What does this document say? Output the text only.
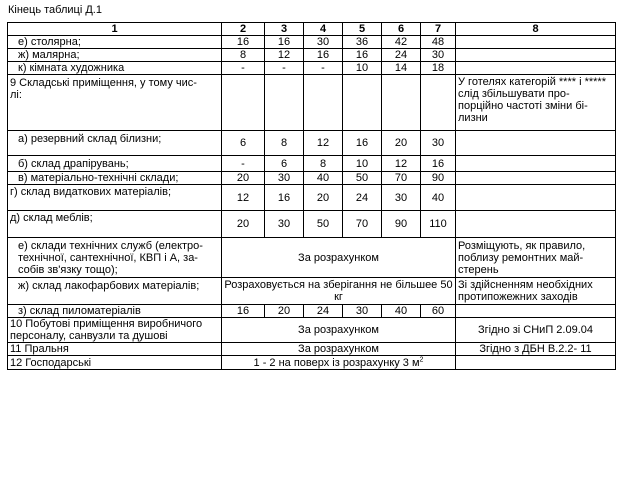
Кінець таблиці Д.1
1	2	3	4	5	6	7	8
е) столярна;	16	16	30	36	42	48	
ж) малярна;	8	12	16	16	24	30	
к) кімната художника	-	-	-	10	14	18	
9 Складські приміщення, у тому чис-
лі:							У готелях категорій **** і ***** слід збільшувати про-порційно частоті зміни бі-лизни
а) резервний склад білизни;	6	8	12	16	20	30	
б) склад драпірувань;	-	6	8	10	12	16	
в) матеріально-технічні склади;	20	30	40	50	70	90	
г) склад видаткових матеріалів;	12	16	20	24	30	40	
д) склад меблів;	20	30	50	70	90	110	
е) склади технічних служб (електро-технічної, сантехнічної, КВП і А, за-собів зв'язку тощо);	За розрахунком						Розміщують, як правило, поблизу ремонтних май-стерень
ж) склад лакофарбових матеріалів;	Розраховується на зберігання не більшее 50 кг						Зі здійсненням необхідних протипожежних заходів
з) склад пиломатеріалів	16	20	24	30	40	60	
10 Побутові приміщення виробничого персоналу, санвузли та душові	За розрахунком						Згідно зі СНиП 2.09.04
11 Пральня	За розрахунком						Згідно з ДБН В.2.2- 11
12 Господарські	1 - 2 на поверх із розрахунку 3 $м^2$	
